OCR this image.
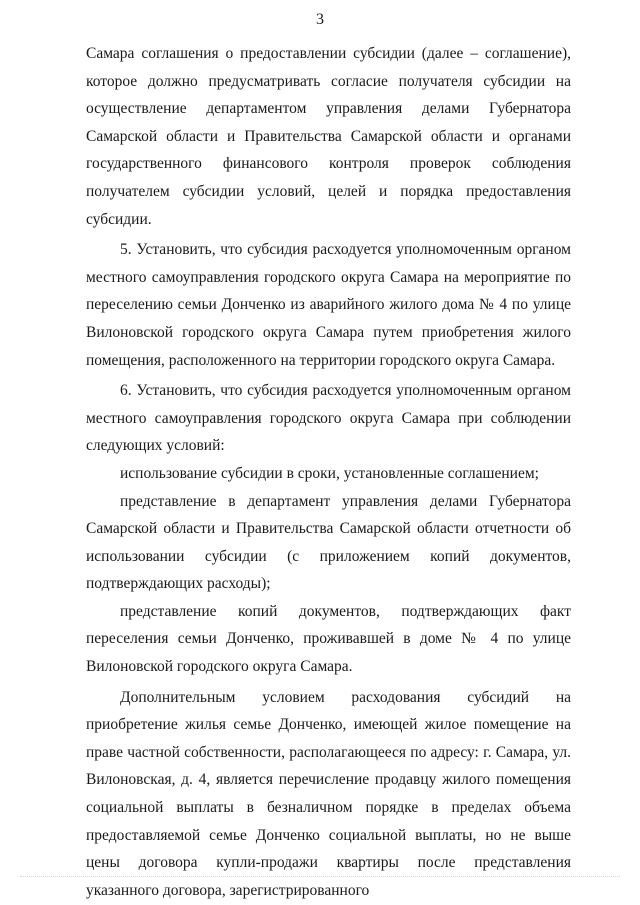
3

Самара соглашения о предоставлении субсидии (далее – соглашение), которое должно предусматривать согласие получателя субсидии на осуществление департаментом управления делами Губернатора Самарской области и Правительства Самарской области и органами государственного финансового контроля проверок соблюдения получателем субсидии условий, целей и порядка предоставления субсидии.

5. Установить, что субсидия расходуется уполномоченным органом местного самоуправления городского округа Самара на мероприятие по переселению семьи Донченко из аварийного жилого дома № 4 по улице Вилоновской городского округа Самара путем приобретения жилого помещения, расположенного на территории городского округа Самара.

6. Установить, что субсидия расходуется уполномоченным органом местного самоуправления городского округа Самара при соблюдении следующих условий:

использование субсидии в сроки, установленные соглашением;

представление в департамент управления делами Губернатора Самарской области и Правительства Самарской области отчетности об использовании субсидии (с приложением копий документов, подтверждающих расходы);

представление копий документов, подтверждающих факт переселения семьи Донченко, проживавшей в доме № 4 по улице Вилоновской городского округа Самара.

Дополнительным условием расходования субсидий на приобретение жилья семье Донченко, имеющей жилое помещение на праве частной собственности, располагающееся по адресу: г. Самара, ул. Вилоновская, д. 4, является перечисление продавцу жилого помещения социальной выплаты в безналичном порядке в пределах объема предоставляемой семье Донченко социальной выплаты, но не выше цены договора купли-продажи квартиры после представления указанного договора, зарегистрированного
